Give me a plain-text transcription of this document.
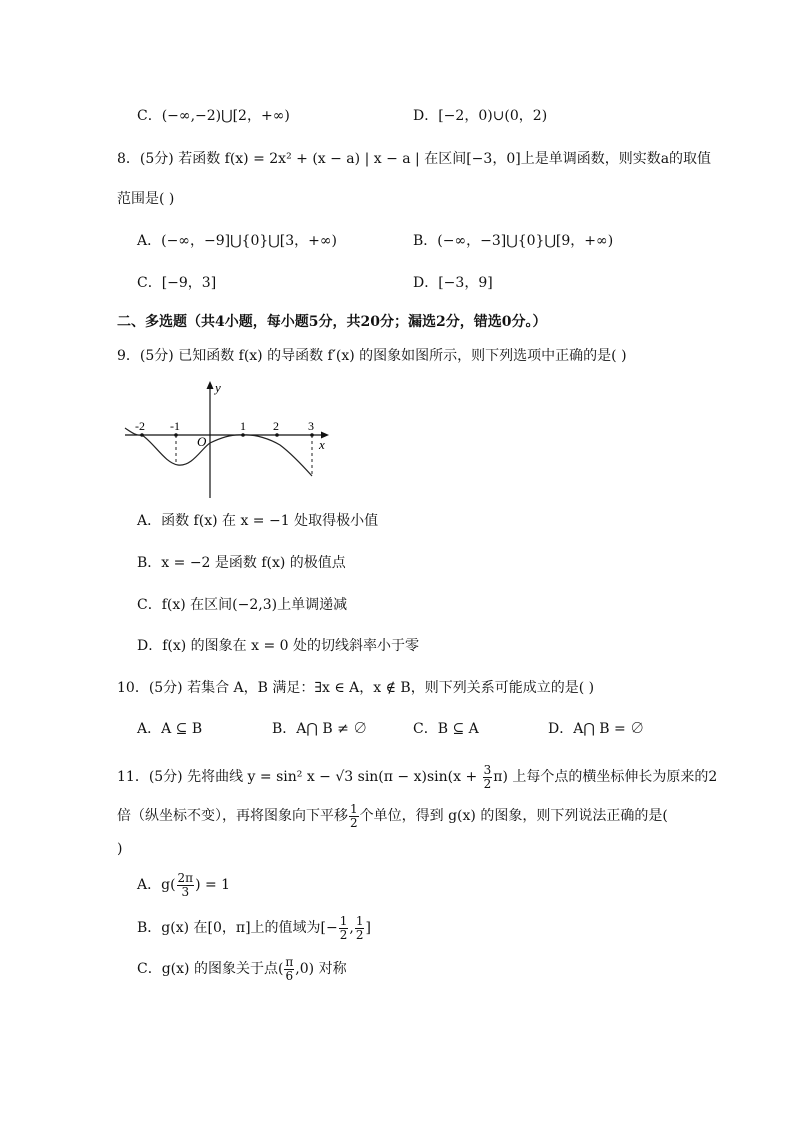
C．(−∞,−2)⋃[2，+∞)	D．[−2，0)∪(0，2)
8．(5分) 若函数 f(x) = 2x² + (x − a) | x − a | 在区间[−3，0]上是单调函数，则实数a的取值
范围是( )
A．(−∞，−9]⋃{0}⋃[3，+∞)	B．(−∞，−3]⋃{0}⋃[9，+∞)
C．[−9，3]	D．[−3，9]
二、多选题（共4小题，每小题5分，共20分；漏选2分，错选0分。）
9．(5分) 已知函数 f(x) 的导函数 f′(x) 的图象如图所示，则下列选项中正确的是( )
-2 -1	1 2 3
O
y
x
A．函数 f(x) 在 x = −1 处取得极小值
B．x = −2 是函数 f(x) 的极值点
C．f(x) 在区间(−2,3)上单调递减
D．f(x) 的图象在 x = 0 处的切线斜率小于零
10．(5分) 若集合 A，B 满足：∃x ∈ A，x ∉ B，则下列关系可能成立的是( )
A．A ⊆ B	B．A⋂ B ≠ ∅	C．B ⊆ A	D．A⋂ B = ∅
11．(5分) 先将曲线 y = sin² x − √3 $\sin(\pi - x)\sin(x + \frac{3}{2} \pi)$ 上每个点的横坐标伸长为原来的2
倍（纵坐标不变），再将图象向下平移 $\frac{1}{2}$ 个单位，得到 g(x) 的图象，则下列说法正确的是(
)
A．$g( \frac{2\pi}{3}$ ) = 1
B．g(x) 在[0，π]上的值域为[− $\frac{1}{2}$ , $\frac{1}{2}$ ]
C．g(x) 的图象关于点( $\frac{\pi}{6} ,0$) 对称
